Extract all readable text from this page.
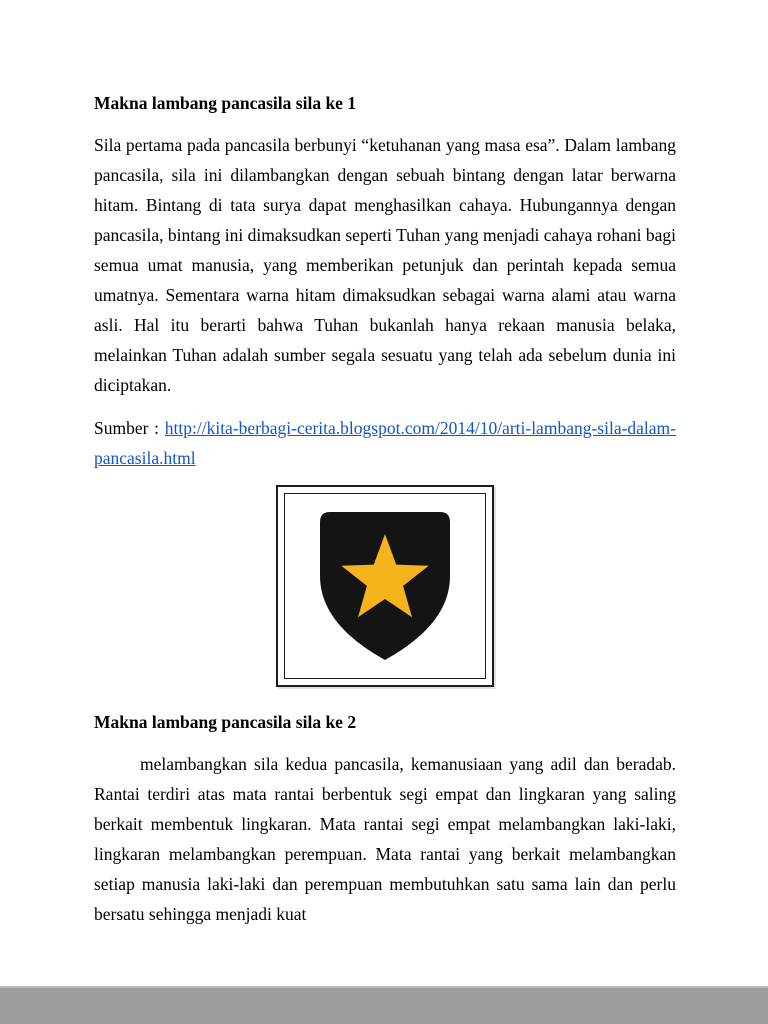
Makna lambang pancasila sila ke 1

Sila pertama pada pancasila berbunyi “ketuhanan yang masa esa”. Dalam lambang pancasila, sila ini dilambangkan dengan sebuah bintang dengan latar berwarna hitam. Bintang di tata surya dapat menghasilkan cahaya. Hubungannya dengan pancasila, bintang ini dimaksudkan seperti Tuhan yang menjadi cahaya rohani bagi semua umat manusia, yang memberikan petunjuk dan perintah kepada semua umatnya. Sementara warna hitam dimaksudkan sebagai warna alami atau warna asli. Hal itu berarti bahwa Tuhan bukanlah hanya rekaan manusia belaka, melainkan Tuhan adalah sumber segala sesuatu yang telah ada sebelum dunia ini diciptakan.

Sumber : http://kita-berbagi-cerita.blogspot.com/2014/10/arti-lambang-sila-dalam-pancasila.html

Makna lambang pancasila sila ke 2

melambangkan sila kedua pancasila, kemanusiaan yang adil dan beradab. Rantai terdiri atas mata rantai berbentuk segi empat dan lingkaran yang saling berkait membentuk lingkaran. Mata rantai segi empat melambangkan laki-laki, lingkaran melambangkan perempuan. Mata rantai yang berkait melambangkan setiap manusia laki-laki dan perempuan membutuhkan satu sama lain dan perlu bersatu sehingga menjadi kuat
